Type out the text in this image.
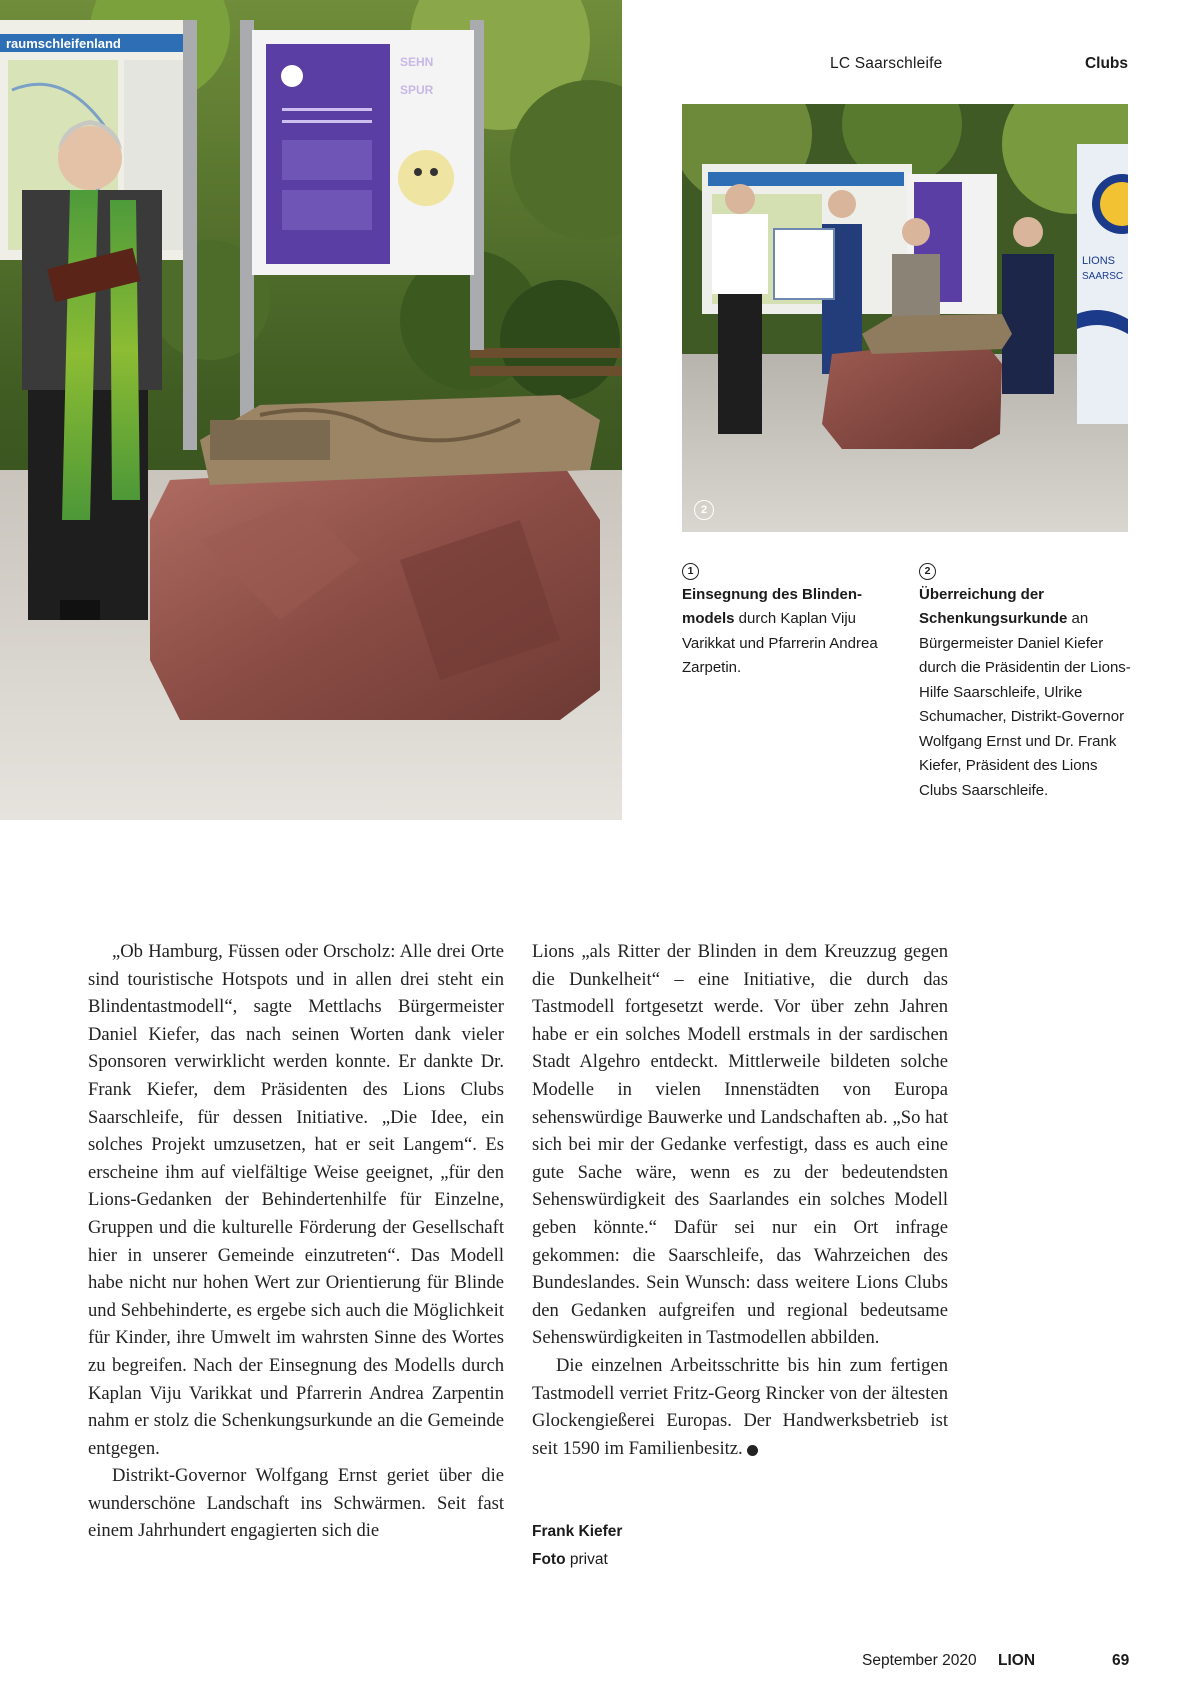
LC Saarschleife	Clubs
raumschleifenland
SEHN
SPUR
LIONS
SAARSC
2
1
Einsegnung des Blinden-models durch Kaplan Viju Varikkat und Pfarrerin Andrea Zarpetin.
2
Überreichung der Schenkungsurkunde an Bürgermeister Daniel Kiefer durch die Präsidentin der Lions-Hilfe Saarschleife, Ulrike Schumacher, Distrikt-Governor Wolfgang Ernst und Dr. Frank Kiefer, Präsident des Lions Clubs Saarschleife.

„Ob Hamburg, Füssen oder Orscholz: Alle drei Orte sind touristische Hotspots und in allen drei steht ein Blindentastmodell“, sagte Mettlachs Bürgermeister Daniel Kiefer, das nach seinen Worten dank vieler Sponsoren verwirklicht werden konnte. Er dankte Dr. Frank Kiefer, dem Präsidenten des Lions Clubs Saarschleife, für dessen Initiative. „Die Idee, ein solches Projekt umzusetzen, hat er seit Langem“. Es erscheine ihm auf vielfältige Weise geeignet, „für den Lions-Gedanken der Behindertenhilfe für Einzelne, Gruppen und die kulturelle Förderung der Gesellschaft hier in unserer Gemeinde einzutreten“. Das Modell habe nicht nur hohen Wert zur Orientierung für Blinde und Sehbehinderte, es ergebe sich auch die Möglichkeit für Kinder, ihre Umwelt im wahrsten Sinne des Wortes zu begreifen. Nach der Einsegnung des Modells durch Kaplan Viju Varikkat und Pfarrerin Andrea Zarpentin nahm er stolz die Schenkungsurkunde an die Gemeinde entgegen.

Distrikt-Governor Wolfgang Ernst geriet über die wunderschöne Landschaft ins Schwärmen. Seit fast einem Jahrhundert engagierten sich die

Lions „als Ritter der Blinden in dem Kreuzzug gegen die Dunkelheit“ – eine Initiative, die durch das Tastmodell fortgesetzt werde. Vor über zehn Jahren habe er ein solches Modell erstmals in der sardischen Stadt Algehro entdeckt. Mittlerweile bildeten solche Modelle in vielen Innenstädten von Europa sehenswürdige Bauwerke und Landschaften ab. „So hat sich bei mir der Gedanke verfestigt, dass es auch eine gute Sache wäre, wenn es zu der bedeutendsten Sehenswürdigkeit des Saarlandes ein solches Modell geben könnte.“ Dafür sei nur ein Ort infrage gekommen: die Saarschleife, das Wahrzeichen des Bundeslandes. Sein Wunsch: dass weitere Lions Clubs den Gedanken aufgreifen und regional bedeutsame Sehenswürdigkeiten in Tastmodellen abbilden.

Die einzelnen Arbeitsschritte bis hin zum fertigen Tastmodell verriet Fritz-Georg Rincker von der ältesten Glockengießerei Europas. Der Handwerksbetrieb ist seit 1590 im Familienbesitz.	L

Frank Kiefer
Foto privat
September 2020 LION	69
